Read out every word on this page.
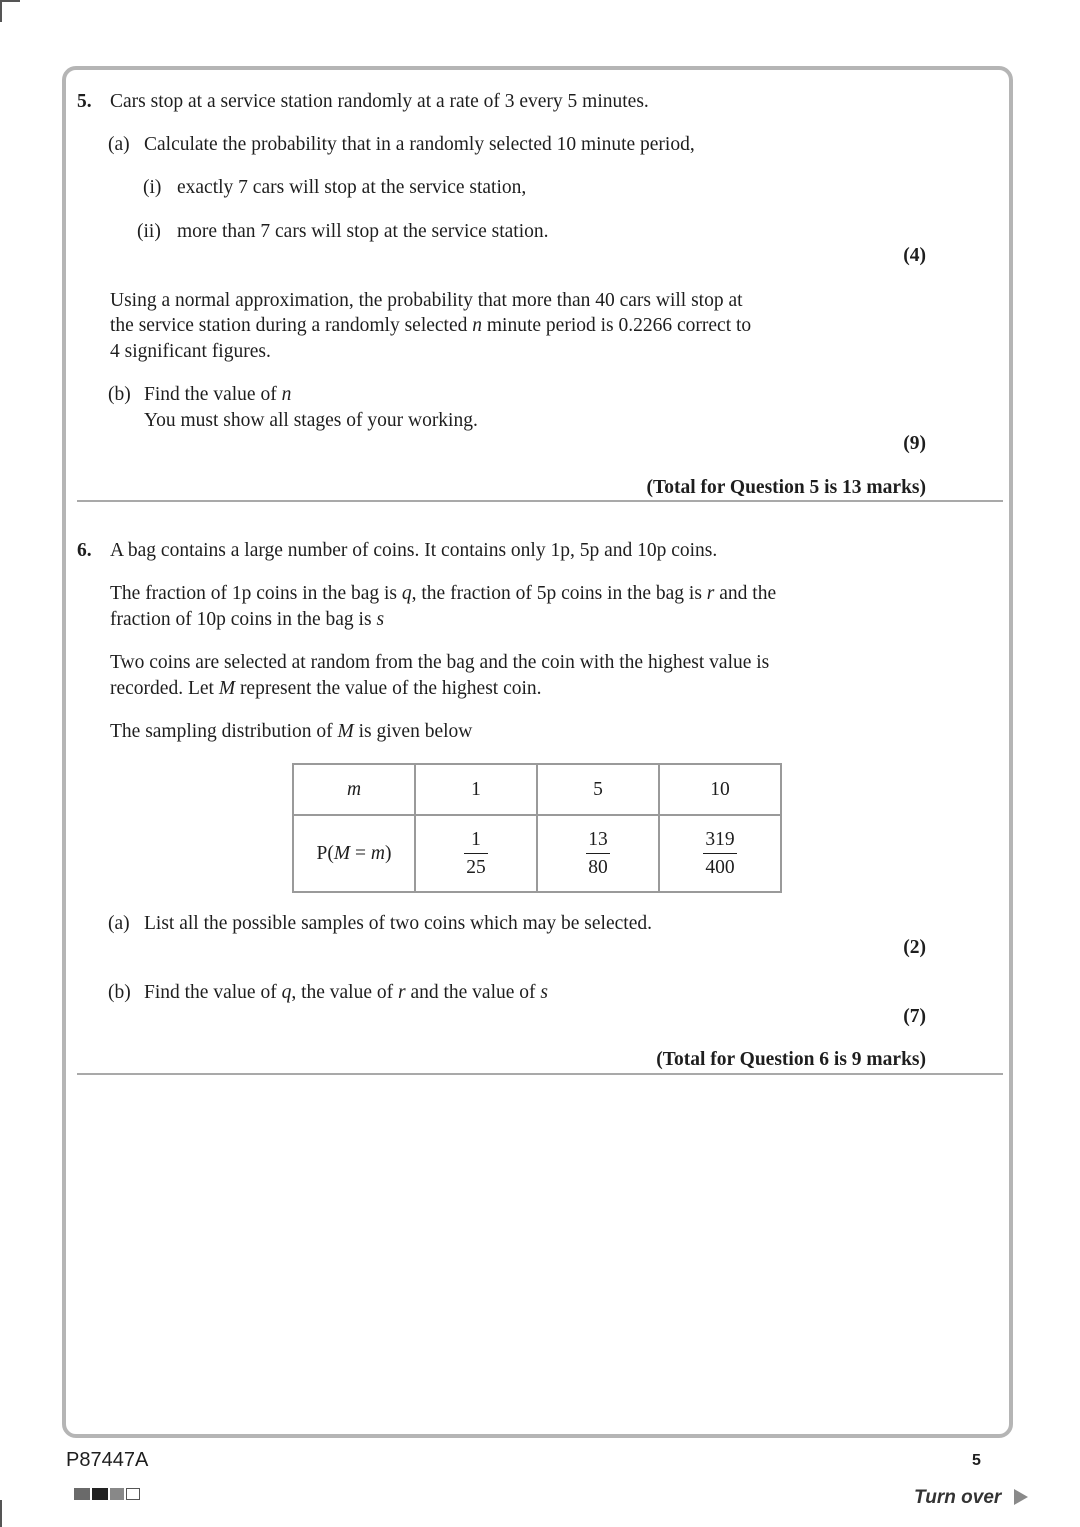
5. Cars stop at a service station randomly at a rate of 3 every 5 minutes.
(a) Calculate the probability that in a randomly selected 10 minute period,
(i) exactly 7 cars will stop at the service station,
(ii) more than 7 cars will stop at the service station.
(4)
Using a normal approximation, the probability that more than 40 cars will stop at
the service station during a randomly selected n minute period is 0.2266 correct to
4 significant figures.
(b) Find the value of n
You must show all stages of your working.
(9)
(Total for Question 5 is 13 marks)
6. A bag contains a large number of coins. It contains only 1p, 5p and 10p coins.
The fraction of 1p coins in the bag is q, the fraction of 5p coins in the bag is r and the
fraction of 10p coins in the bag is s
Two coins are selected at random from the bag and the coin with the highest value is
recorded. Let M represent the value of the highest coin.
The sampling distribution of M is given below
m	1	5	10
P(M = m)	$\frac{1}{25}$	$\frac{13}{80}$	$\frac{319}{400}$
(a) List all the possible samples of two coins which may be selected.
(2)
(b) Find the value of q, the value of r and the value of s
(7)
(Total for Question 6 is 9 marks)
P87447A	5
Turn over
